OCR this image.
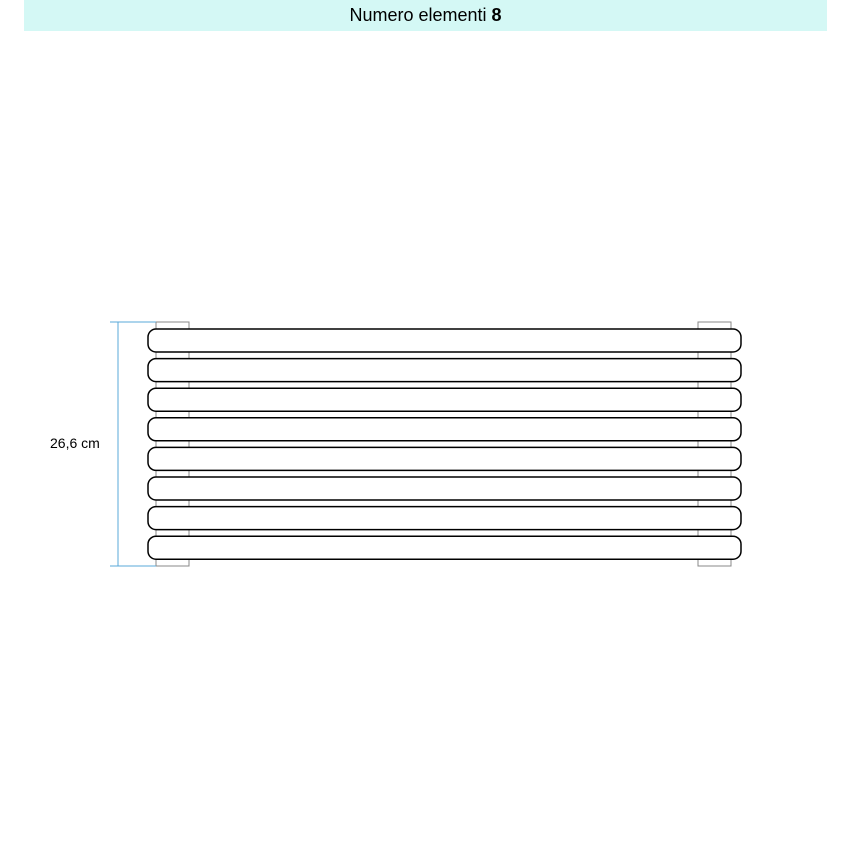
Numero elementi 8
26,6 cm
